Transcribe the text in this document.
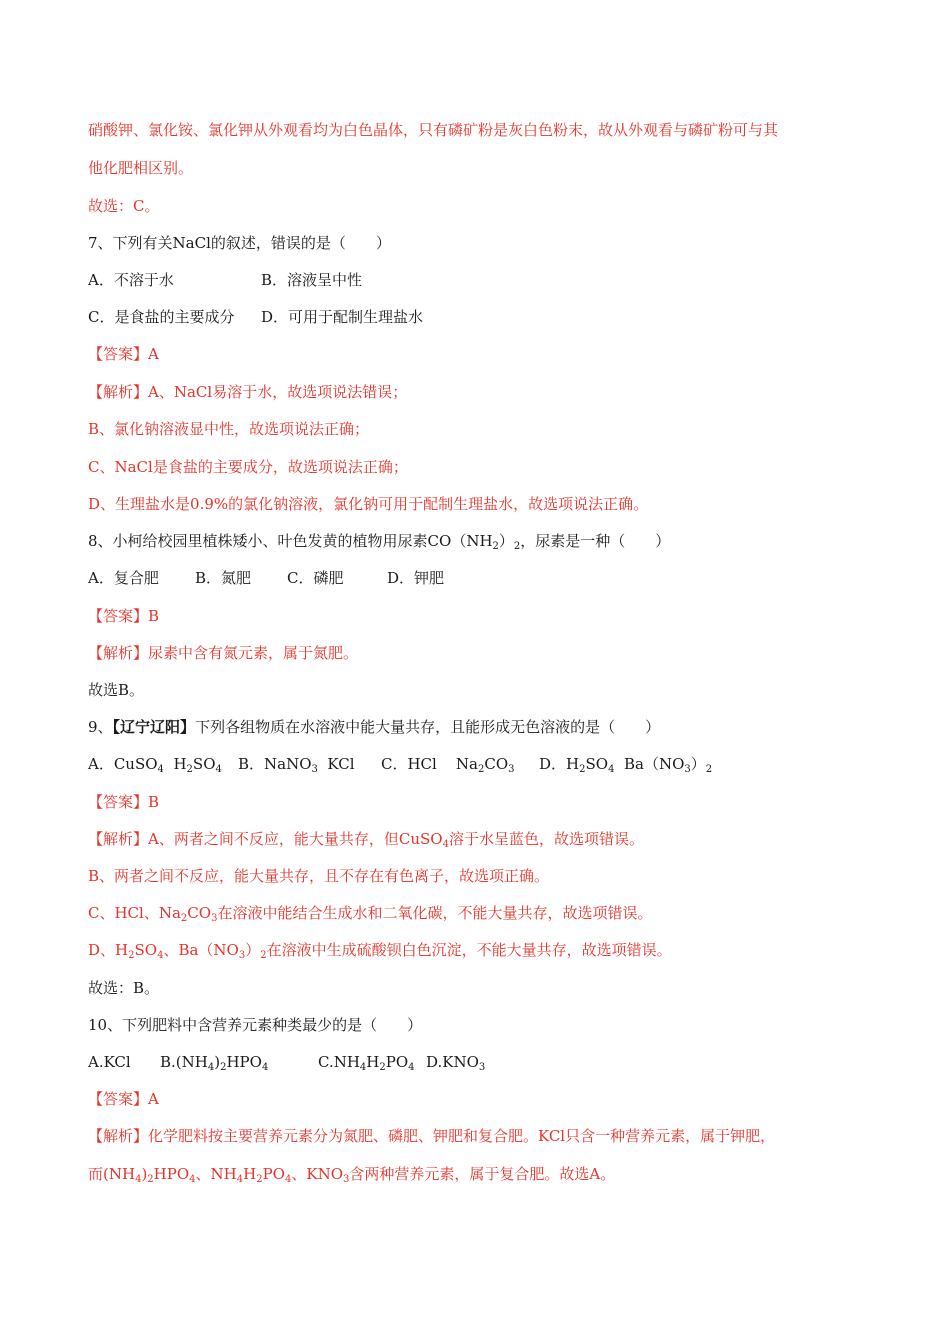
硝酸钾、氯化铵、氯化钾从外观看均为白色晶体，只有磷矿粉是灰白色粉末，故从外观看与磷矿粉可与其
他化肥相区别。
故选：C。
7、下列有关NaCl的叙述，错误的是（　　）
A．不溶于水	B．溶液呈中性
C．是食盐的主要成分 D．可用于配制生理盐水
【答案】A
【解析】A、NaCl易溶于水，故选项说法错误；
B、氯化钠溶液显中性，故选项说法正确；
C、NaCl是食盐的主要成分，故选项说法正确；
D、生理盐水是0.9%的氯化钠溶液，氯化钠可用于配制生理盐水，故选项说法正确。
8、小柯给校园里植株矮小、叶色发黄的植物用尿素$CO(NH_2)_2$，尿素是一种（　　）
A．复合肥 B．氮肥 C．磷肥	D．钾肥
【答案】B
【解析】尿素中含有氮元素，属于氮肥。
故选B。
9、【辽宁辽阳】下列各组物质在水溶液中能大量共存，且能形成无色溶液的是（　　）
A．CuSO$_4$  $H_2SO_4$ B．NaNO$_3$  KCl C．HCl    $Na_2CO_3$ D．$H_2SO_4$  $Ba(NO_3)_2$
【答案】B
【解析】A、两者之间不反应，能大量共存，但CuSO$_4$溶于水呈蓝色，故选项错误。
B、两者之间不反应，能大量共存，且不存在有色离子，故选项正确。
C、HCl、$Na_2CO_3$在溶液中能结合生成水和二氧化碳，不能大量共存，故选项错误。
D、$H_2SO_4$、$Ba(NO_3)_2$在溶液中生成硫酸钡白色沉淀，不能大量共存，故选项错误。
故选：B。
10、下列肥料中含营养元素种类最少的是（　　）
A.KCl $B.(NH_4)_2HPO_4$	$C.NH_4H_2PO_4$ $D.KNO_3$
【答案】A
【解析】化学肥料按主要营养元素分为氮肥、磷肥、钾肥和复合肥。KCl只含一种营养元素，属于钾肥，
而$(NH_4)_2HPO_4$、$NH_4H_2PO_4$、$KNO_3$含两种营养元素，属于复合肥。故选A。
